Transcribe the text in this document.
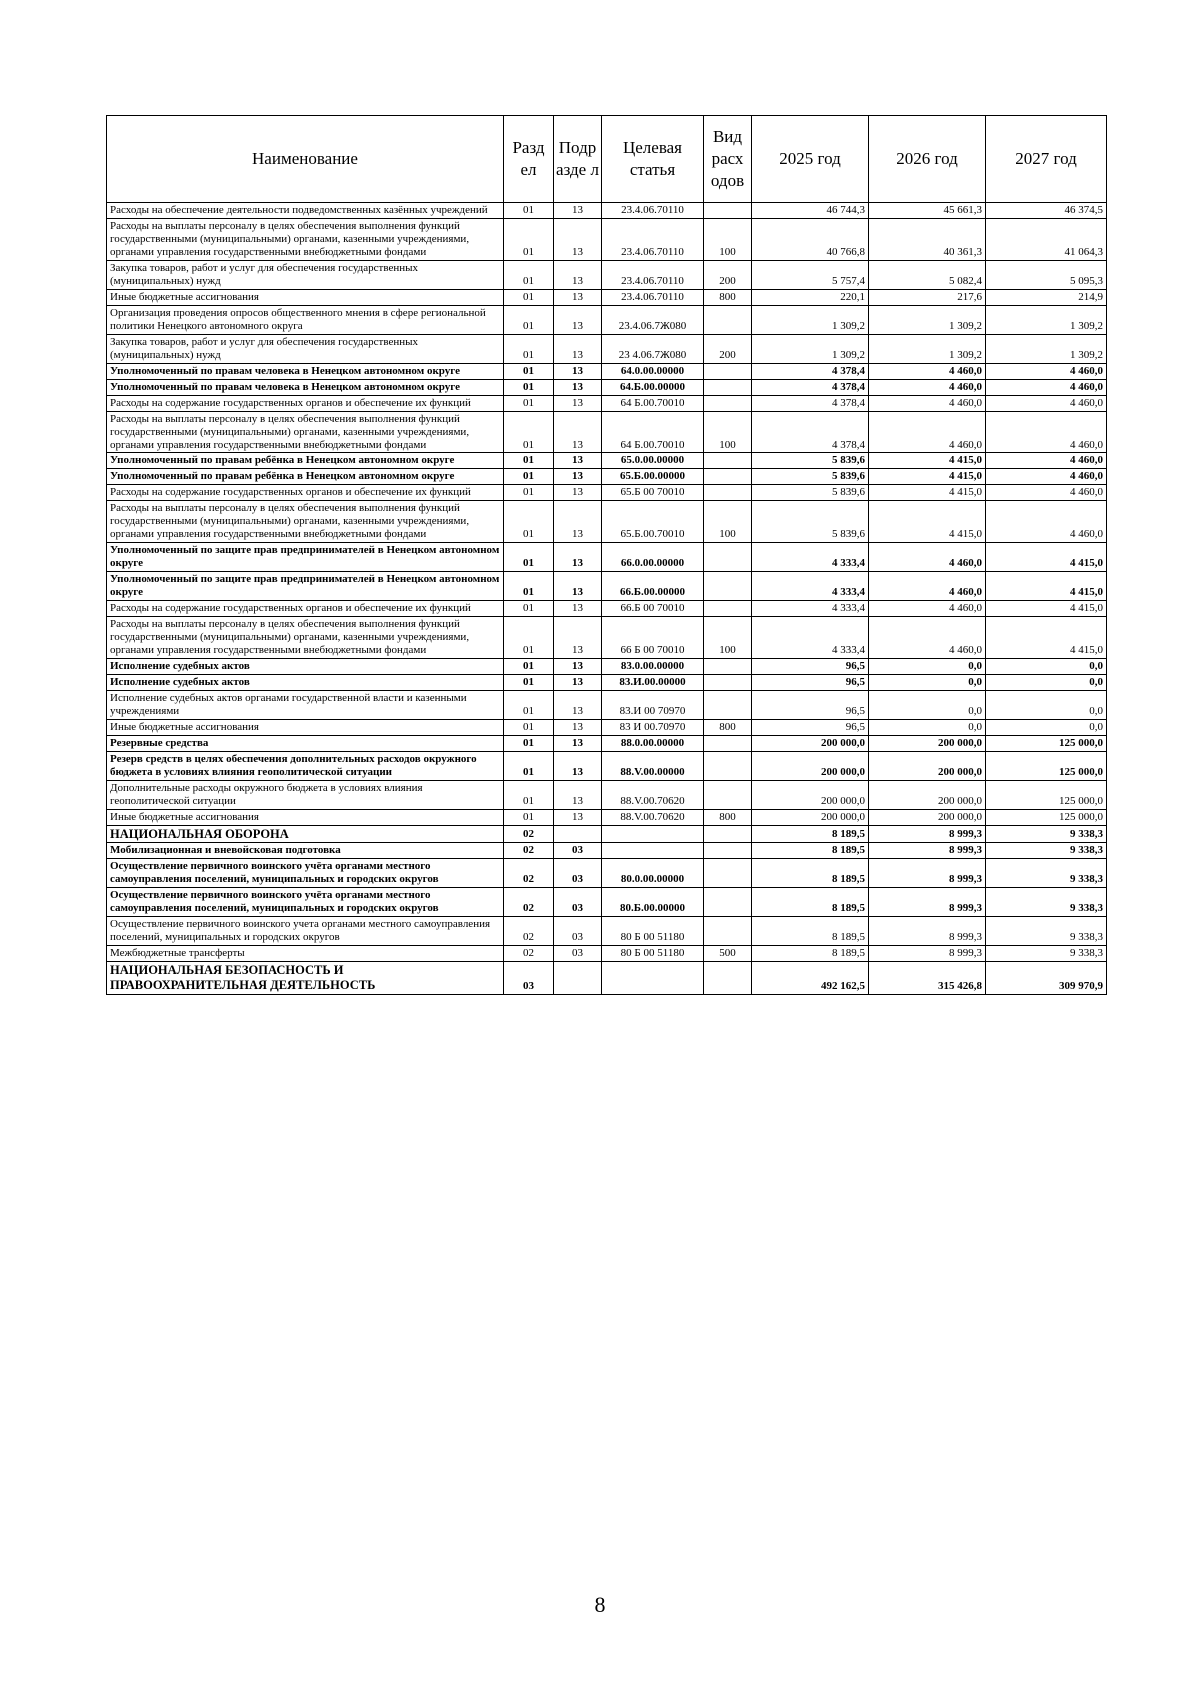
Наименование	Разд ел	Подр азде л	Целевая статья	Вид расх одов	2025 год	2026 год	2027 год
Расходы на обеспечение деятельности подведомственных казённых учреждений	01	13	23.4.06.70110		46 744,3	45 661,3	46 374,5
Расходы на выплаты персоналу в целях обеспечения выполнения функций государственными (муниципальными) органами, казенными учреждениями, органами управления государственными внебюджетными фондами	01	13	23.4.06.70110	100	40 766,8	40 361,3	41 064,3
Закупка товаров, работ и услуг для обеспечения государственных (муниципальных) нужд	01	13	23.4.06.70110	200	5 757,4	5 082,4	5 095,3
Иные бюджетные ассигнования	01	13	23.4.06.70110	800	220,1	217,6	214,9
Организация проведения опросов общественного мнения в сфере региональной политики Ненецкого автономного округа	01	13	23.4.06.7Ж080		1 309,2	1 309,2	1 309,2
Закупка товаров, работ и услуг для обеспечения государственных (муниципальных) нужд	01	13	23 4.06.7Ж080	200	1 309,2	1 309,2	1 309,2
Уполномоченный по правам человека в Ненецком автономном округе	01	13	64.0.00.00000		4 378,4	4 460,0	4 460,0
Уполномоченный по правам человека в Ненецком автономном округе	01	13	64.Б.00.00000		4 378,4	4 460,0	4 460,0
Расходы на содержание государственных органов и обеспечение их функций	01	13	64 Б.00.70010		4 378,4	4 460,0	4 460,0
Расходы на выплаты персоналу в целях обеспечения выполнения функций государственными (муниципальными) органами, казенными учреждениями, органами управления государственными внебюджетными фондами	01	13	64 Б.00.70010	100	4 378,4	4 460,0	4 460,0
Уполномоченный по правам ребёнка в Ненецком автономном округе	01	13	65.0.00.00000		5 839,6	4 415,0	4 460,0
Уполномоченный по правам ребёнка в Ненецком автономном округе	01	13	65.Б.00.00000		5 839,6	4 415,0	4 460,0
Расходы на содержание государственных органов и обеспечение их функций	01	13	65.Б 00 70010		5 839,6	4 415,0	4 460,0
Расходы на выплаты персоналу в целях обеспечения выполнения функций государственными (муниципальными) органами, казенными учреждениями, органами управления государственными внебюджетными фондами	01	13	65.Б.00.70010	100	5 839,6	4 415,0	4 460,0
Уполномоченный по защите прав предпринимателей в Ненецком автономном округе	01	13	66.0.00.00000		4 333,4	4 460,0	4 415,0
Уполномоченный по защите прав предпринимателей в Ненецком автономном округе	01	13	66.Б.00.00000		4 333,4	4 460,0	4 415,0
Расходы на содержание государственных органов и обеспечение их функций	01	13	66.Б 00 70010		4 333,4	4 460,0	4 415,0
Расходы на выплаты персоналу в целях обеспечения выполнения функций государственными (муниципальными) органами, казенными учреждениями, органами управления государственными внебюджетными фондами	01	13	66 Б 00 70010	100	4 333,4	4 460,0	4 415,0
Исполнение судебных актов	01	13	83.0.00.00000		96,5	0,0	0,0
Исполнение судебных актов	01	13	83.И.00.00000		96,5	0,0	0,0
Исполнение судебных актов органами государственной власти и казенными учреждениями	01	13	83.И 00 70970		96,5	0,0	0,0
Иные бюджетные ассигнования	01	13	83 И 00.70970	800	96,5	0,0	0,0
Резервные средства	01	13	88.0.00.00000		200 000,0	200 000,0	125 000,0
Резерв средств в целях обеспечения дополнительных расходов окружного бюджета в условиях влияния геополитической ситуации	01	13	88.V.00.00000		200 000,0	200 000,0	125 000,0
Дополнительные расходы окружного бюджета в условиях влияния геополитической ситуации	01	13	88.V.00.70620		200 000,0	200 000,0	125 000,0
Иные бюджетные ассигнования	01	13	88.V.00.70620	800	200 000,0	200 000,0	125 000,0
НАЦИОНАЛЬНАЯ ОБОРОНА	02				8 189,5	8 999,3	9 338,3
Мобилизационная и вневойсковая подготовка	02	03			8 189,5	8 999,3	9 338,3
Осуществление первичного воинского учёта органами местного самоуправления поселений, муниципальных и городских округов	02	03	80.0.00.00000		8 189,5	8 999,3	9 338,3
Осуществление первичного воинского учёта органами местного самоуправления поселений, муниципальных и городских округов	02	03	80.Б.00.00000		8 189,5	8 999,3	9 338,3
Осуществление первичного воинского учета органами местного самоуправления поселений, муниципальных и городских округов	02	03	80 Б 00 51180		8 189,5	8 999,3	9 338,3
Межбюджетные трансферты	02	03	80 Б 00 51180	500	8 189,5	8 999,3	9 338,3
НАЦИОНАЛЬНАЯ БЕЗОПАСНОСТЬ И ПРАВООХРАНИТЕЛЬНАЯ ДЕЯТЕЛЬНОСТЬ	03				492 162,5	315 426,8	309 970,9
8
